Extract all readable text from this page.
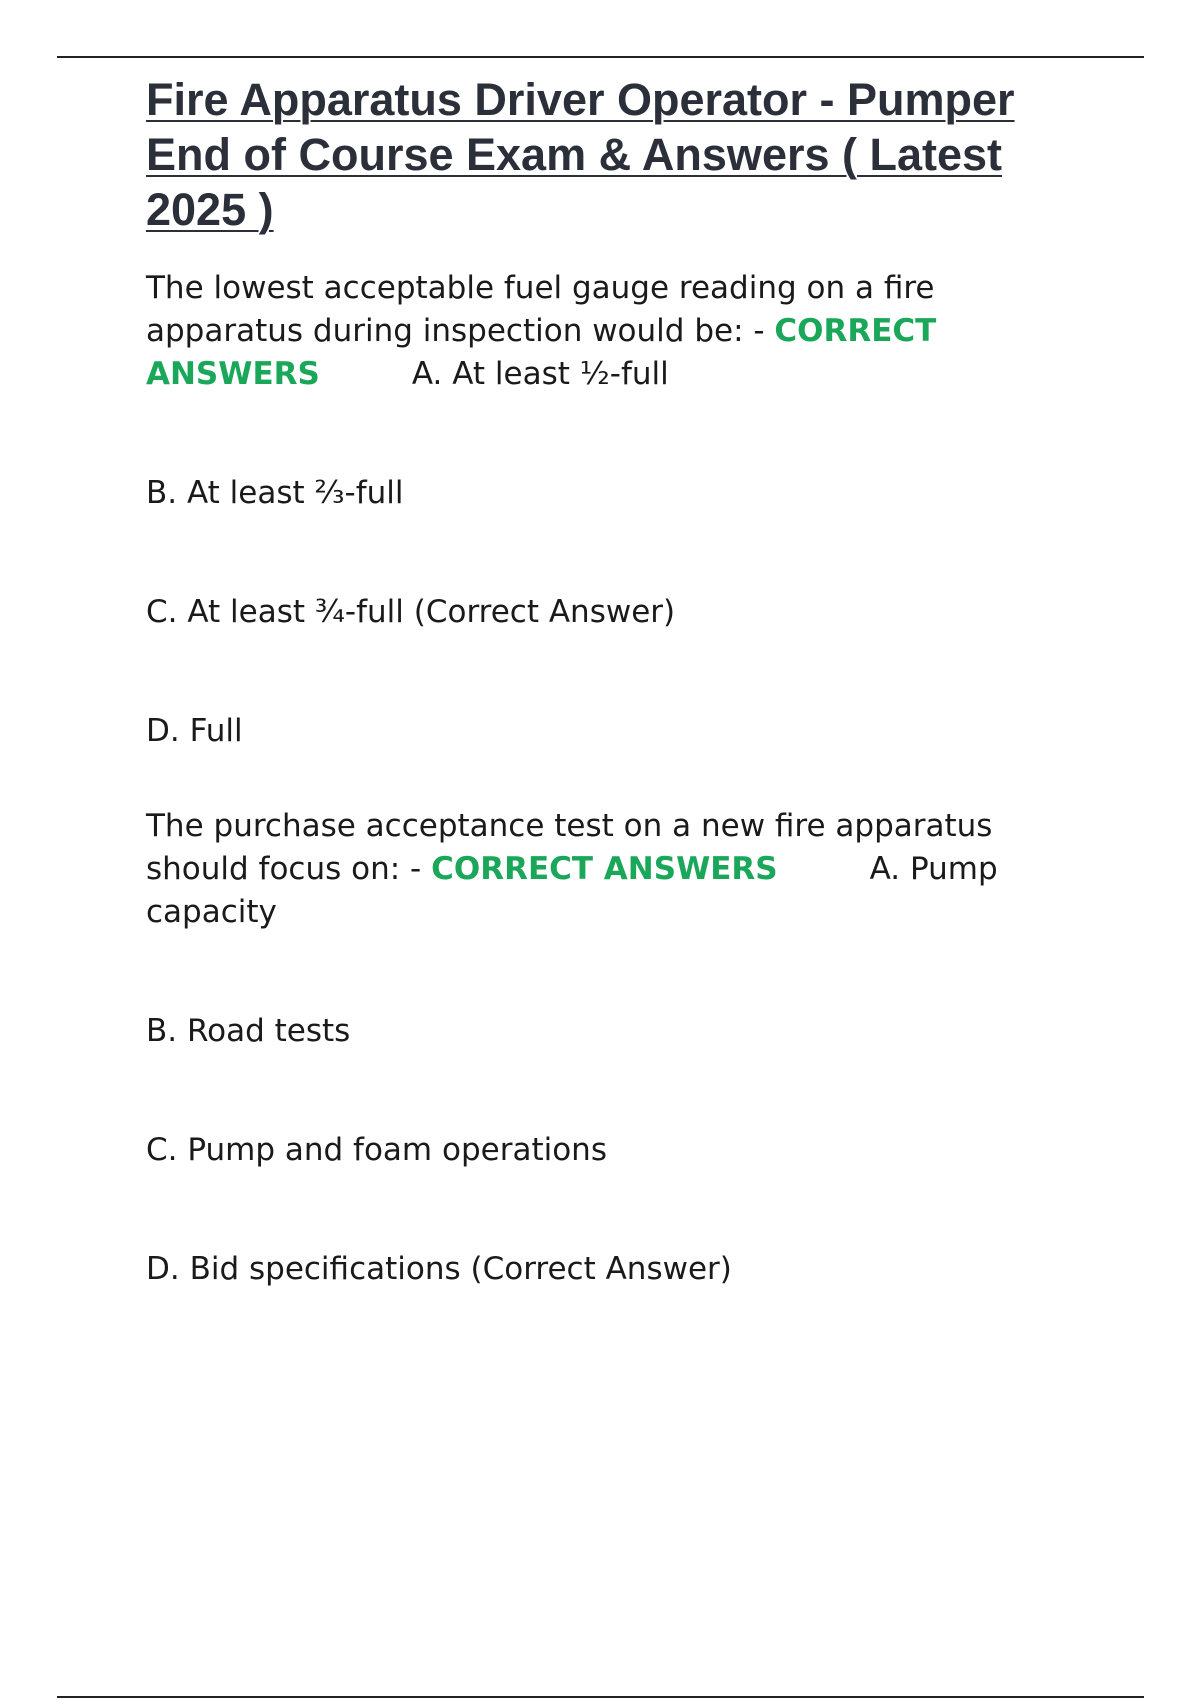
Fire Apparatus Driver Operator - Pumper End of Course Exam & Answers ( Latest 2025 )

The lowest acceptable fuel gauge reading on a fire apparatus during inspection would be: - CORRECT ANSWERS	A. At least ½-full

B. At least ⅔-full

C. At least ¾-full (Correct Answer)

D. Full

The purchase acceptance test on a new fire apparatus should focus on: - CORRECT ANSWERS	A. Pump capacity

B. Road tests

C. Pump and foam operations

D. Bid specifications (Correct Answer)
